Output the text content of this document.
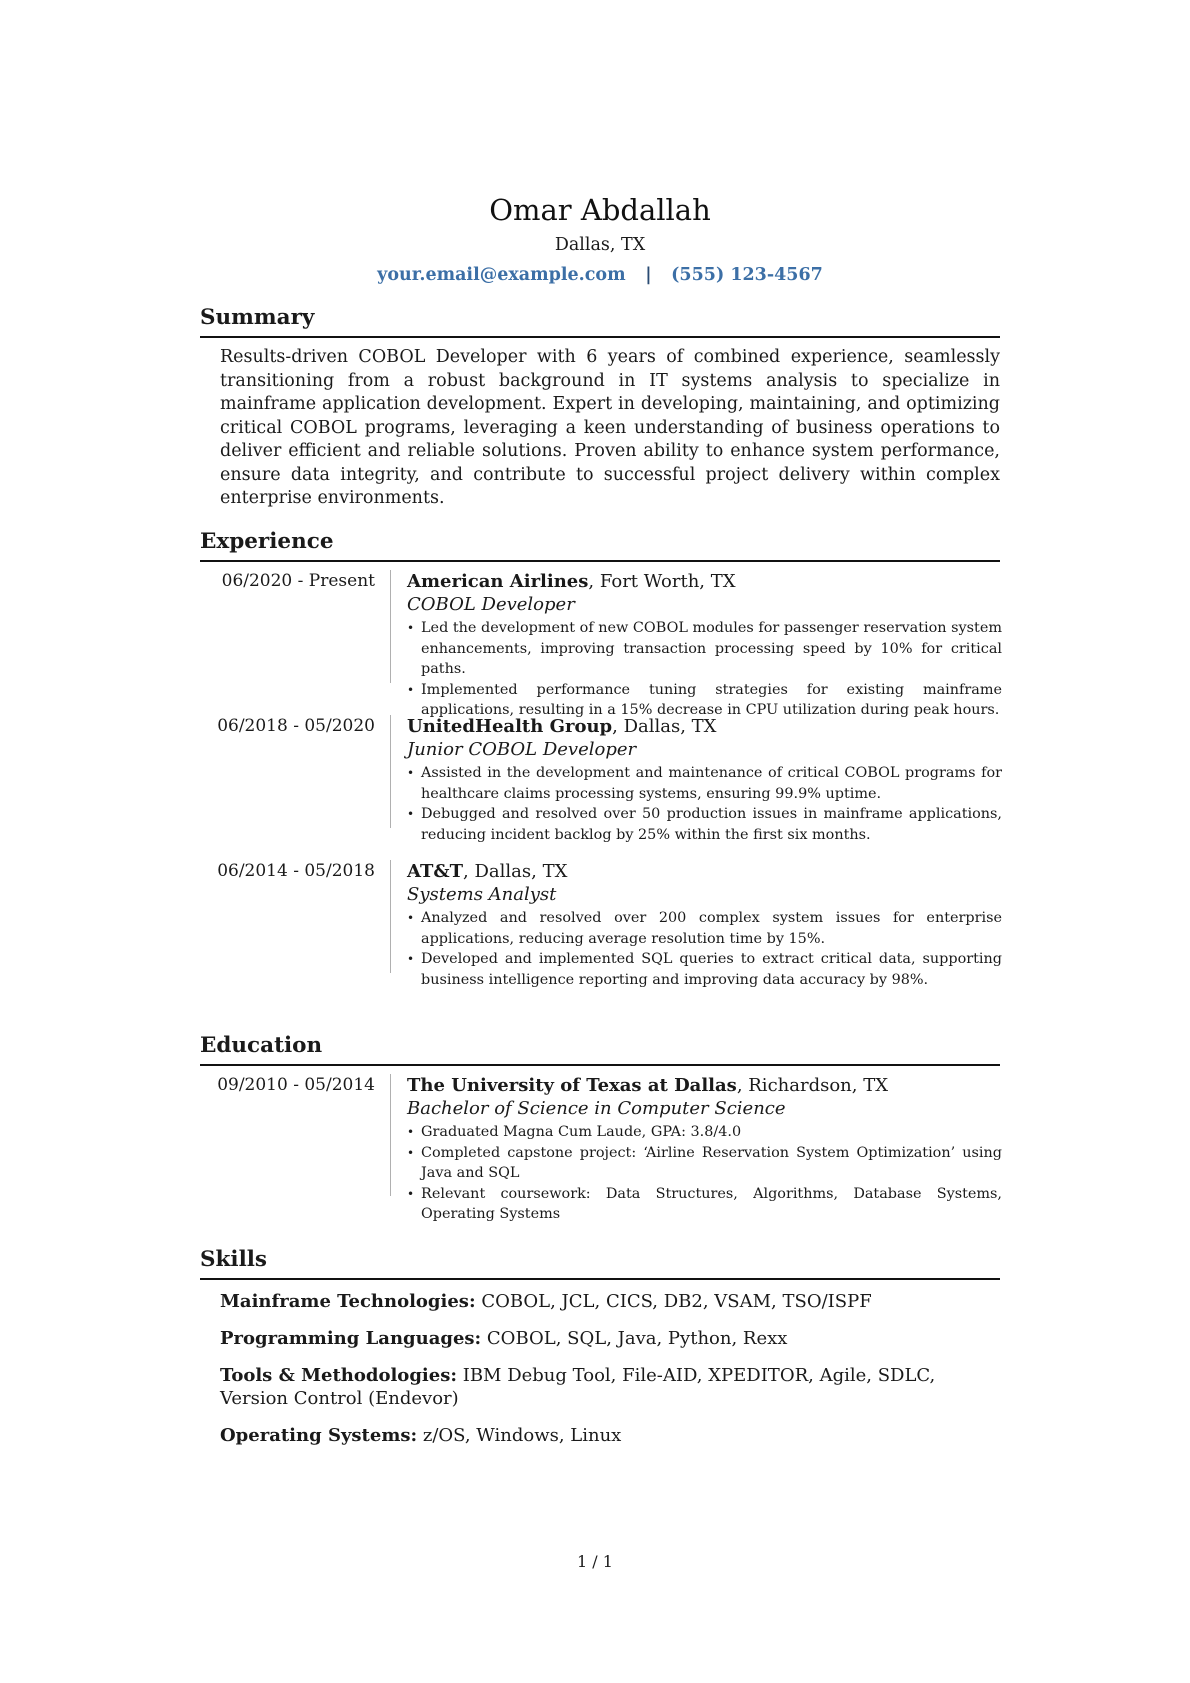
Omar Abdallah
Dallas, TX
your.email@example.com | (555) 123-4567
Summary

Results-driven COBOL Developer with 6 years of combined experience, seamlessly transitioning from a robust background in IT systems analysis to specialize in mainframe application development. Expert in developing, maintaining, and optimizing critical COBOL programs, leveraging a keen understanding of business operations to deliver efficient and reliable solutions. Proven ability to enhance system performance, ensure data integrity, and contribute to successful project delivery within complex enterprise environments.

Experience
06/2020 - Present American Airlines, Fort Worth, TX
COBOL Developer
• Led the development of new COBOL modules for passenger reservation system enhancements, improving transaction processing speed by 10% for critical paths.
• Implemented performance tuning strategies for existing mainframe applications, resulting in a 15% decrease in CPU utilization during peak hours.
06/2018 - 05/2020 UnitedHealth Group, Dallas, TX
Junior COBOL Developer
• Assisted in the development and maintenance of critical COBOL programs for healthcare claims processing systems, ensuring 99.9% uptime.
• Debugged and resolved over 50 production issues in mainframe applications, reducing incident backlog by 25% within the first six months.
06/2014 - 05/2018 AT&T, Dallas, TX
Systems Analyst
• Analyzed and resolved over 200 complex system issues for enterprise applications, reducing average resolution time by 15%.
• Developed and implemented SQL queries to extract critical data, supporting business intelligence reporting and improving data accuracy by 98%.
Education
09/2010 - 05/2014 The University of Texas at Dallas, Richardson, TX
Bachelor of Science in Computer Science
• Graduated Magna Cum Laude, GPA: 3.8/4.0
• Completed capstone project: ‘Airline Reservation System Optimization’ using Java and SQL
• Relevant coursework: Data Structures, Algorithms, Database Systems, Operating Systems
Skills
Mainframe Technologies: COBOL, JCL, CICS, DB2, VSAM, TSO/ISPF
Programming Languages: COBOL, SQL, Java, Python, Rexx
Tools & Methodologies: IBM Debug Tool, File-AID, XPEDITOR, Agile, SDLC, Version Control (Endevor)
Operating Systems: z/OS, Windows, Linux
1 / 1
